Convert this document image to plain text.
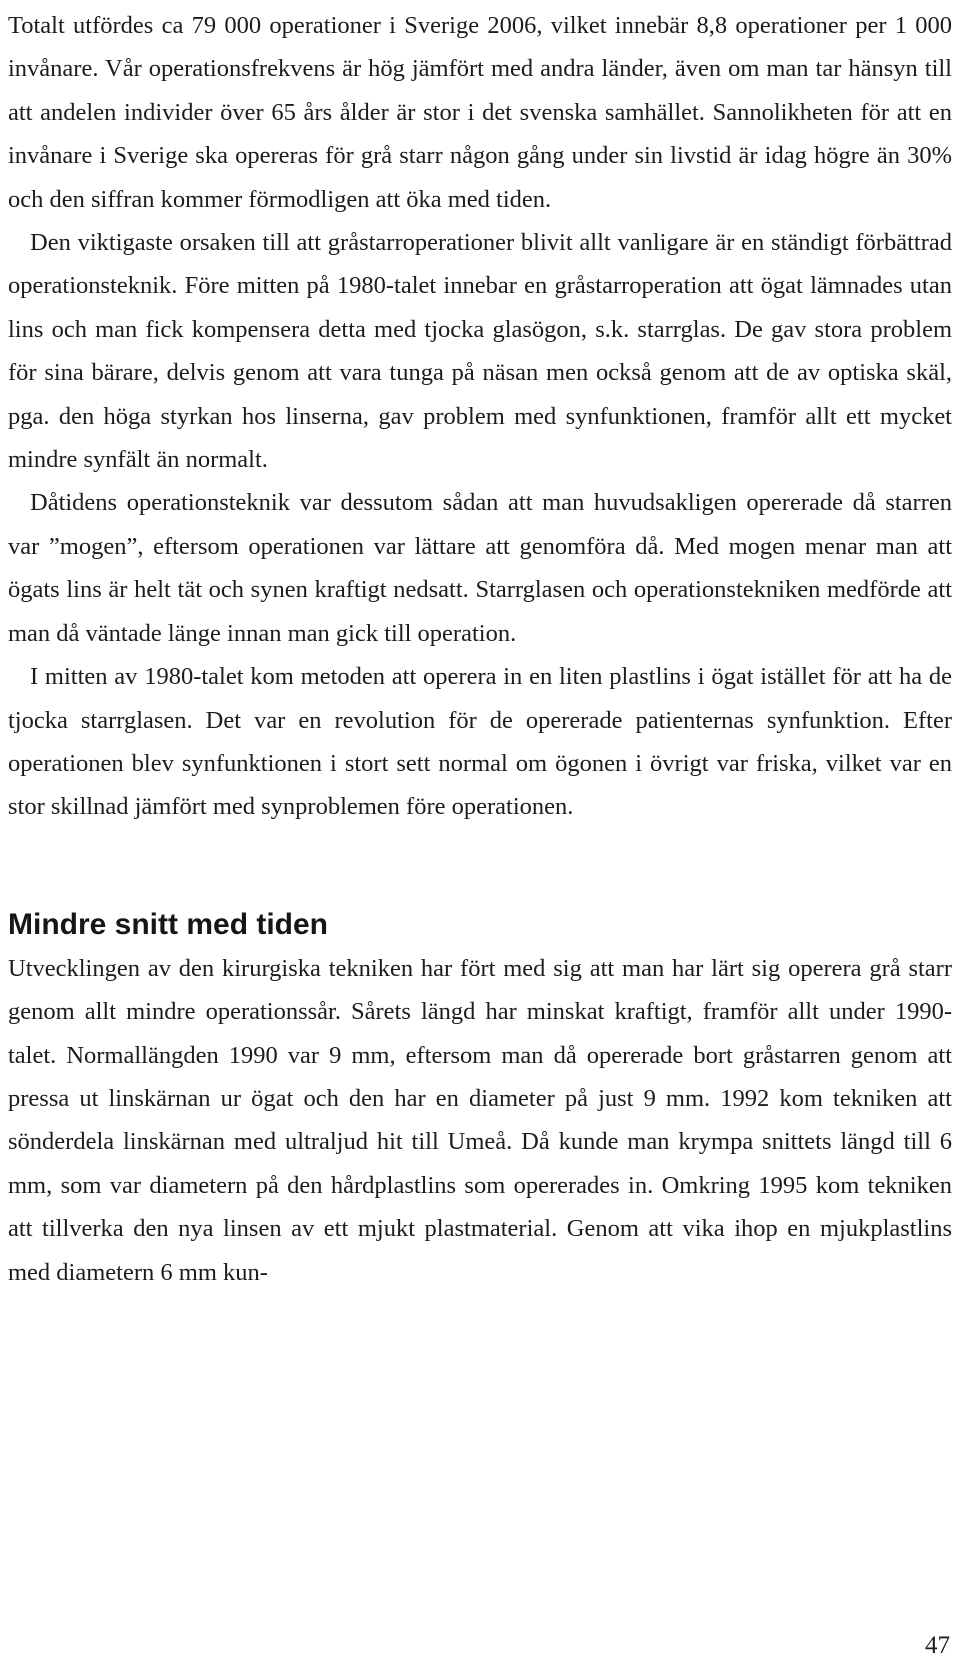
Totalt utfördes ca 79 000 operationer i Sverige 2006, vilket innebär 8,8 operationer per 1 000 invånare. Vår operationsfrekvens är hög jämfört med andra länder, även om man tar hänsyn till att andelen individer över 65 års ålder är stor i det svenska samhället. Sannolikheten för att en invånare i Sverige ska opereras för grå starr någon gång under sin livstid är idag högre än 30% och den siffran kommer förmodligen att öka med tiden.

Den viktigaste orsaken till att gråstarroperationer blivit allt vanligare är en ständigt förbättrad operationsteknik. Före mitten på 1980-talet innebar en gråstarroperation att ögat lämnades utan lins och man fick kompensera detta med tjocka glasögon, s.k. starrglas. De gav stora problem för sina bärare, delvis genom att vara tunga på näsan men också genom att de av optiska skäl, pga. den höga styrkan hos linserna, gav problem med synfunktionen, framför allt ett mycket mindre synfält än normalt.

Dåtidens operationsteknik var dessutom sådan att man huvudsakligen opererade då starren var ”mogen”, eftersom operationen var lättare att genomföra då. Med mogen menar man att ögats lins är helt tät och synen kraftigt nedsatt. Starrglasen och operationstekniken medförde att man då väntade länge innan man gick till operation.

I mitten av 1980-talet kom metoden att operera in en liten plastlins i ögat istället för att ha de tjocka starrglasen. Det var en revolution för de opererade patienternas synfunktion. Efter operationen blev synfunktionen i stort sett normal om ögonen i övrigt var friska, vilket var en stor skillnad jämfört med synproblemen före operationen.

Mindre snitt med tiden

Utvecklingen av den kirurgiska tekniken har fört med sig att man har lärt sig operera grå starr genom allt mindre operationssår. Sårets längd har minskat kraftigt, framför allt under 1990-talet. Normallängden 1990 var 9 mm, eftersom man då opererade bort gråstarren genom att pressa ut linskärnan ur ögat och den har en diameter på just 9 mm. 1992 kom tekniken att sönderdela linskärnan med ultraljud hit till Umeå. Då kunde man krympa snittets längd till 6 mm, som var diametern på den hårdplastlins som opererades in. Omkring 1995 kom tekniken att tillverka den nya linsen av ett mjukt plastmaterial. Genom att vika ihop en mjukplastlins med diametern 6 mm kun-

47
